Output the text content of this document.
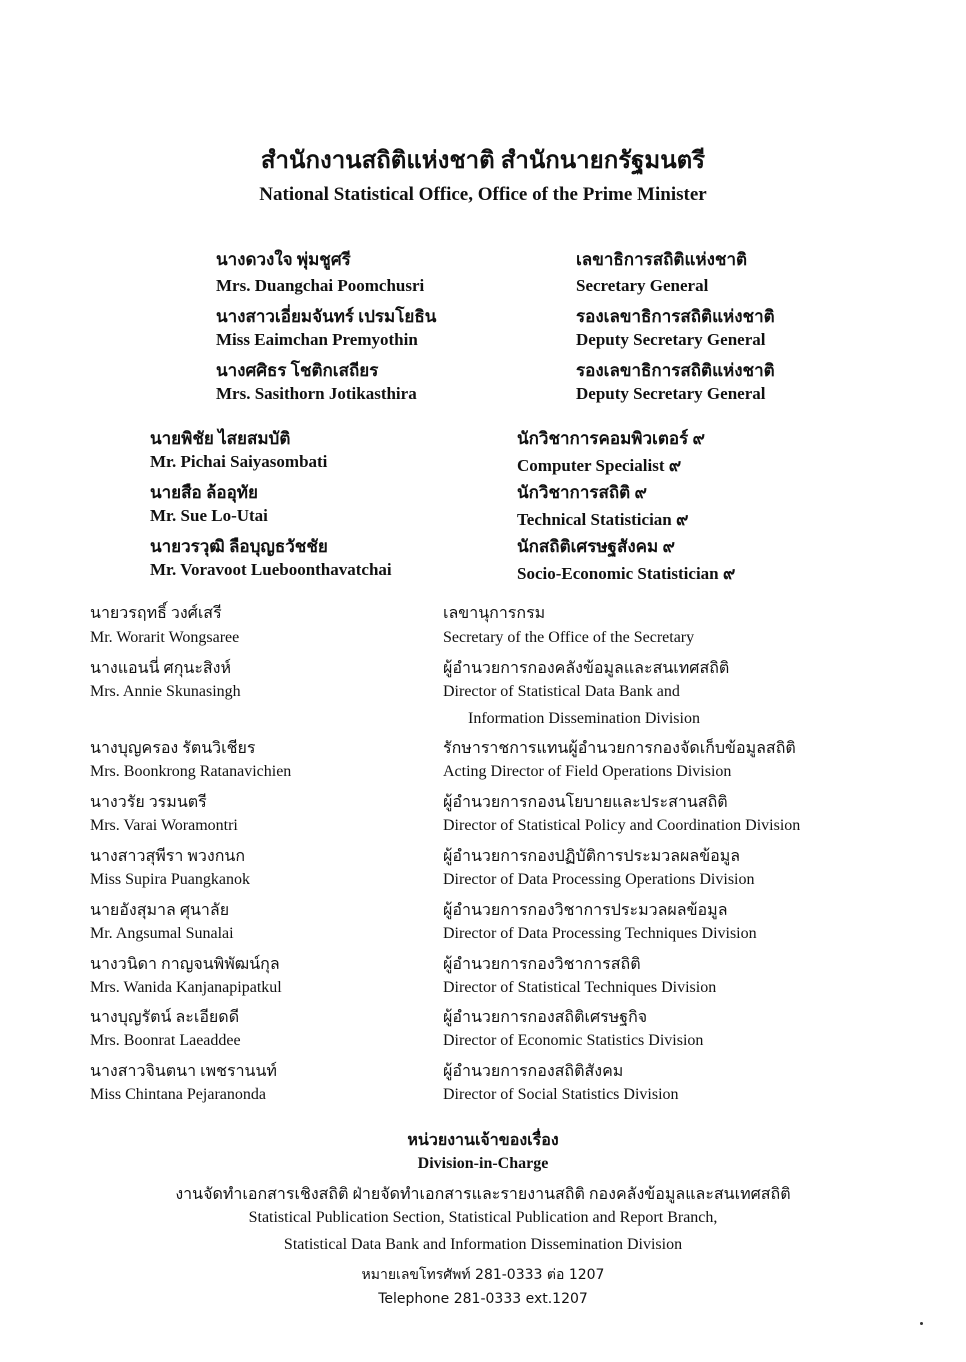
สำนักงานสถิติแห่งชาติ สำนักนายกรัฐมนตรี
National Statistical Office, Office of the Prime Minister
นางดวงใจ พุ่มชูศรี	เลขาธิการสถิติแห่งชาติ
Mrs. Duangchai Poomchusri	Secretary General
นางสาวเอี่ยมจันทร์ เปรมโยธิน	รองเลขาธิการสถิติแห่งชาติ
Miss Eaimchan Premyothin	Deputy Secretary General
นางศศิธร โชติกเสถียร	รองเลขาธิการสถิติแห่งชาติ
Mrs. Sasithorn Jotikasthira	Deputy Secretary General
นายพิชัย ไสยสมบัติ	นักวิชาการคอมพิวเตอร์ ๙
Mr. Pichai Saiyasombati	Computer Specialist ๙
นายสือ ล้ออุทัย	นักวิชาการสถิติ ๙
Mr. Sue Lo-Utai	Technical Statistician ๙
นายวรวุฒิ ลือบุญธวัชชัย	นักสถิติเศรษฐสังคม ๙
Mr. Voravoot Lueboonthavatchai	Socio-Economic Statistician ๙
นายวรฤทธิ์ วงศ์เสรี	เลขานุการกรม
Mr. Worarit Wongsaree	Secretary of the Office of the Secretary
นางแอนนี่ ศกุนะสิงห์	ผู้อำนวยการกองคลังข้อมูลและสนเทศสถิติ
Mrs. Annie Skunasingh	Director of Statistical Data Bank and
Information Dissemination Division
นางบุญครอง รัตนวิเชียร	รักษาราชการแทนผู้อำนวยการกองจัดเก็บข้อมูลสถิติ
Mrs. Boonkrong Ratanavichien	Acting Director of Field Operations Division
นางวรัย วรมนตรี	ผู้อำนวยการกองนโยบายและประสานสถิติ
Mrs. Varai Woramontri	Director of Statistical Policy and Coordination Division
นางสาวสุพีรา พวงกนก	ผู้อำนวยการกองปฏิบัติการประมวลผลข้อมูล
Miss Supira Puangkanok	Director of Data Processing Operations Division
นายอังสุมาล ศุนาลัย	ผู้อำนวยการกองวิชาการประมวลผลข้อมูล
Mr. Angsumal Sunalai	Director of Data Processing Techniques Division
นางวนิดา กาญจนพิพัฒน์กุล	ผู้อำนวยการกองวิชาการสถิติ
Mrs. Wanida Kanjanapipatkul	Director of Statistical Techniques Division
นางบุญรัตน์ ละเอียดดี	ผู้อำนวยการกองสถิติเศรษฐกิจ
Mrs. Boonrat Laeaddee	Director of Economic Statistics Division
นางสาวจินตนา เพชรานนท์	ผู้อำนวยการกองสถิติสังคม
Miss Chintana Pejaranonda	Director of Social Statistics Division
หน่วยงานเจ้าของเรื่อง
Division-in-Charge
งานจัดทำเอกสารเชิงสถิติ ฝ่ายจัดทำเอกสารและรายงานสถิติ กองคลังข้อมูลและสนเทศสถิติ
Statistical Publication Section, Statistical Publication and Report Branch,
Statistical Data Bank and Information Dissemination Division
หมายเลขโทรศัพท์ 281-0333 ต่อ 1207
Telephone 281-0333 ext.1207
